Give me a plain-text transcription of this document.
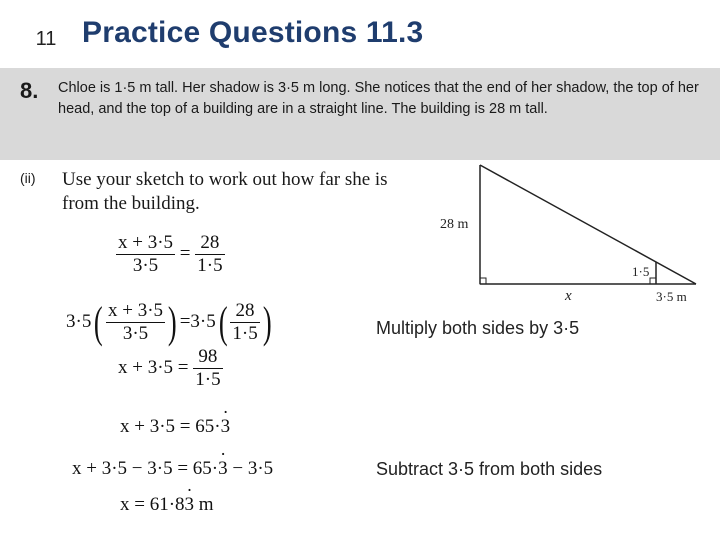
11 Practice Questions 11.3
8. Chloe is 1·5 m tall. Her shadow is 3·5 m long. She notices that the end of her shadow, the top of her head, and the top of a building are in a straight line. The building is 28 m tall.
(ii) Use your sketch to work out how far she is from the building.
28 m
1·5
x	3·5 m
$\frac{x + 3\cdot 5}{3\cdot 5} = \frac{28}{1\cdot 5}$
$3\cdot 5( \frac{x + 3\cdot 5}{3\cdot 5}$ ) $=3\cdot 5( \frac{28}{1\cdot 5}$ )	Multiply both sides by 3·5
$x + 3\cdot 5 = \frac{98}{1\cdot 5}$
x + 3·5 = 65·· 3
x + 3·5 − 3·5 = 65·· 3 − 3·5	Subtract 3·5 from both sides
x = 61·8· 3 m
